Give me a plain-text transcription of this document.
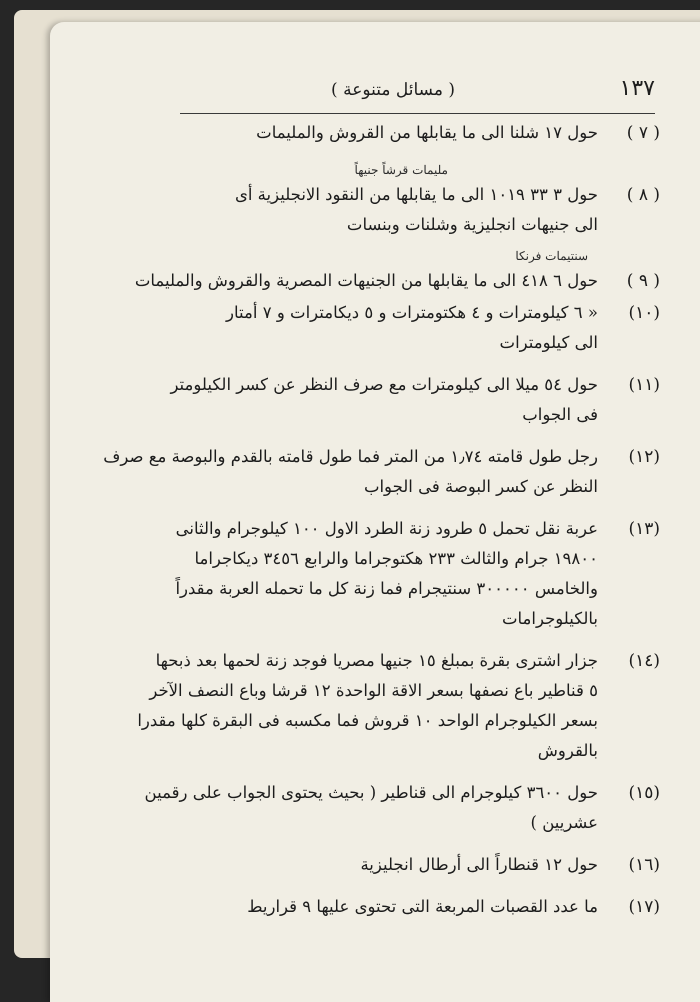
١٣٧
( مسائل متنوعة )
( ٧ )
حول ١٧ شلنا الى ما يقابلها من القروش والمليمات
( ٨ )
مليمات قرشاً جنيهاً
حول ٣ ٣٣ ١٠١٩ الى ما يقابلها من النقود الانجليزية أى
الى جنيهات انجليزية وشلنات وبنسات
( ٩ )
سنتيمات فرنكا
حول ٦ ٤١٨ الى ما يقابلها من الجنيهات المصرية والقروش والمليمات
(١٠)
« ٦ كيلومترات و ٤ هكتومترات و ٥ ديكامترات و ٧ أمتار
الى كيلومترات
(١١)
حول ٥٤ ميلا الى كيلومترات مع صرف النظر عن كسر الكيلومتر
فى الجواب
(١٢)
رجل طول قامته ١٫٧٤ من المتر فما طول قامته بالقدم والبوصة مع صرف
النظر عن كسر البوصة فى الجواب
(١٣)
عربة نقل تحمل ٥ طرود زنة الطرد الاول ١٠٠ كيلوجرام والثانى
١٩٨٠٠ جرام والثالث ٢٣٣ هكتوجراما والرابع ٣٤٥٦ ديكاجراما
والخامس ٣٠٠٠٠٠ سنتيجرام فما زنة كل ما تحمله العربة مقدراً
بالكيلوجرامات
(١٤)
جزار اشترى بقرة بمبلغ ١٥ جنيها مصريا فوجد زنة لحمها بعد ذبحها
٥ قناطير باع نصفها بسعر الاقة الواحدة ١٢ قرشا وباع النصف الآخر
بسعر الكيلوجرام الواحد ١٠ قروش فما مكسبه فى البقرة كلها مقدرا
بالقروش
(١٥)
حول ٣٦٠٠ كيلوجرام الى قناطير ( بحيث يحتوى الجواب على رقمين
عشريين )
(١٦)
حول ١٢ قنطاراً الى أرطال انجليزية
(١٧)
ما عدد القصبات المربعة التى تحتوى عليها ٩ قراريط
